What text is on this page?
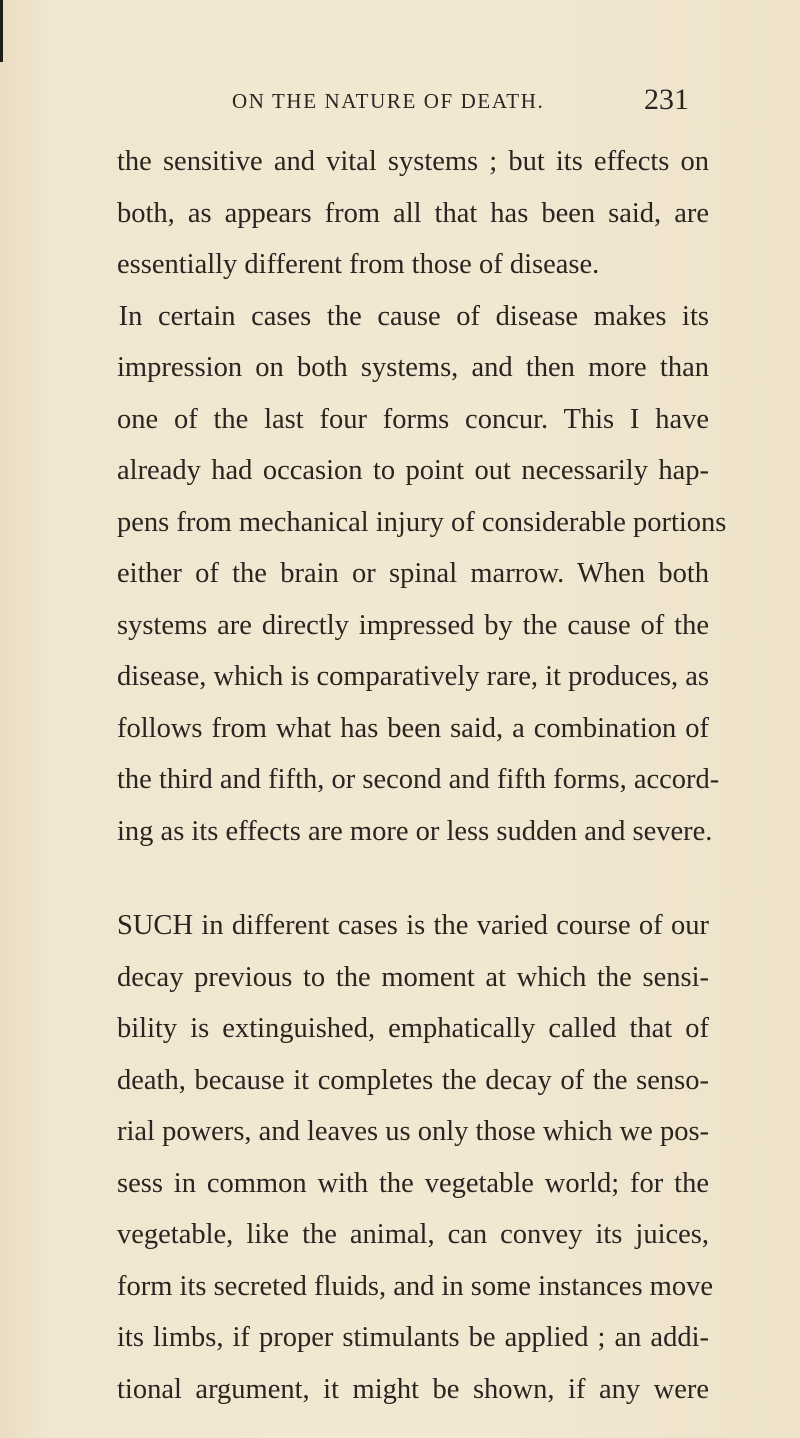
ON THE NATURE OF DEATH.	231
the sensitive and vital systems ; but its effects on
both, as appears from all that has been said, are
essentially different from those of disease.
In certain cases the cause of disease makes its
impression on both systems, and then more than
one of the last four forms concur. This I have
already had occasion to point out necessarily hap-
pens from mechanical injury of considerable portions
either of the brain or spinal marrow. When both
systems are directly impressed by the cause of the
disease, which is comparatively rare, it produces, as
follows from what has been said, a combination of
the third and fifth, or second and fifth forms, accord-
ing as its effects are more or less sudden and severe.
SUCH in different cases is the varied course of our
decay previous to the moment at which the sensi-
bility is extinguished, emphatically called that of
death, because it completes the decay of the senso-
rial powers, and leaves us only those which we pos-
sess in common with the vegetable world; for the
vegetable, like the animal, can convey its juices,
form its secreted fluids, and in some instances move
its limbs, if proper stimulants be applied ; an addi-
tional argument, it might be shown, if any were
